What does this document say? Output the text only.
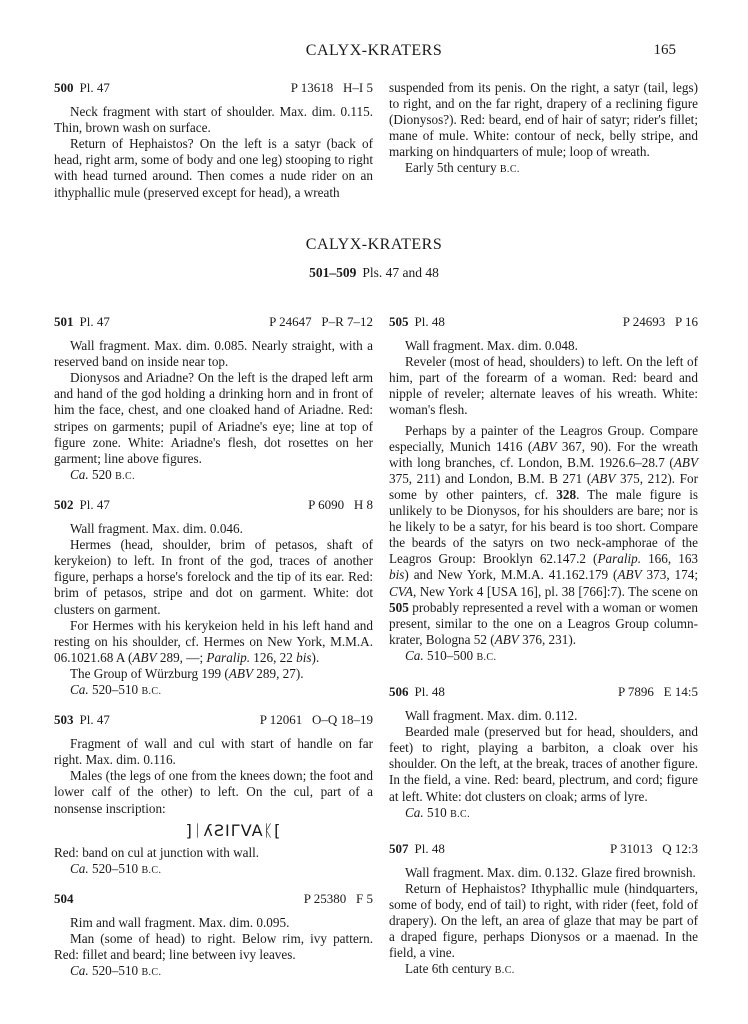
CALYX-KRATERS	165
500 Pl. 47	P 13618   H–I 5

Neck fragment with start of shoulder. Max. dim. 0.115. Thin, brown wash on surface.

Return of Hephaistos? On the left is a satyr (back of head, right arm, some of body and one leg) stooping to right with head turned around. Then comes a nude rider on an ithyphallic mule (preserved except for head), a wreath

suspended from its penis. On the right, a satyr (tail, legs) to right, and on the far right, drapery of a reclining figure (Dionysos?). Red: beard, end of hair of satyr; rider's fillet; mane of mule. White: contour of neck, belly stripe, and marking on hindquarters of mule; loop of wreath.

Early 5th century B.C.

CALYX-KRATERS
501–509 Pls. 47 and 48
501 Pl. 47	P 24647   P–R 7–12

Wall fragment. Max. dim. 0.085. Nearly straight, with a reserved band on inside near top.

Dionysos and Ariadne? On the left is the draped left arm and hand of the god holding a drinking horn and in front of him the face, chest, and one cloaked hand of Ariadne. Red: stripes on garments; pupil of Ariadne's eye; line at top of figure zone. White: Ariadne's flesh, dot rosettes on her garment; line above figures.

Ca. 520 B.C.

502 Pl. 47	P 6090   H 8

Wall fragment. Max. dim. 0.046.

Hermes (head, shoulder, brim of petasos, shaft of kerykeion) to left. In front of the god, traces of another figure, perhaps a horse's forelock and the tip of its ear. Red: brim of petasos, stripe and dot on garment. White: dot clusters on garment.

For Hermes with his kerykeion held in his left hand and resting on his shoulder, cf. Hermes on New York, M.M.A. 06.1021.68 A (ABV 289, —; Paralip. 126, 22 bis).

The Group of Würzburg 199 (ABV 289, 27).

Ca. 520–510 B.C.

503 Pl. 47	P 12061   O–Q 18–19

Fragment of wall and cul with start of handle on far right. Max. dim. 0.116.

Males (the legs of one from the knees down; the foot and lower calf of the other) to left. On the cul, part of a nonsense inscription:

]ᛁʎƧIΓVAᛕ[

Red: band on cul at junction with wall.

Ca. 520–510 B.C.

504	P 25380   F 5

Rim and wall fragment. Max. dim. 0.095.

Man (some of head) to right. Below rim, ivy pattern. Red: fillet and beard; line between ivy leaves.

Ca. 520–510 B.C.

505 Pl. 48	P 24693   P 16

Wall fragment. Max. dim. 0.048.

Reveler (most of head, shoulders) to left. On the left of him, part of the forearm of a woman. Red: beard and nipple of reveler; alternate leaves of his wreath. White: woman's flesh.

Perhaps by a painter of the Leagros Group. Compare especially, Munich 1416 (ABV 367, 90). For the wreath with long branches, cf. London, B.M. 1926.6–28.7 (ABV 375, 211) and London, B.M. B 271 (ABV 375, 212). For some by other painters, cf. 328. The male figure is unlikely to be Dionysos, for his shoulders are bare; nor is he likely to be a satyr, for his beard is too short. Compare the beards of the satyrs on two neck-amphorae of the Leagros Group: Brooklyn 62.147.2 (Paralip. 166, 163 bis) and New York, M.M.A. 41.162.179 (ABV 373, 174; CVA, New York 4 [USA 16], pl. 38 [766]:7). The scene on 505 probably represented a revel with a woman or women present, similar to the one on a Leagros Group column-krater, Bologna 52 (ABV 376, 231).

Ca. 510–500 B.C.

506 Pl. 48	P 7896   E 14:5

Wall fragment. Max. dim. 0.112.

Bearded male (preserved but for head, shoulders, and feet) to right, playing a barbiton, a cloak over his shoulder. On the left, at the break, traces of another figure. In the field, a vine. Red: beard, plectrum, and cord; figure at left. White: dot clusters on cloak; arms of lyre.

Ca. 510 B.C.

507 Pl. 48	P 31013   Q 12:3

Wall fragment. Max. dim. 0.132. Glaze fired brownish.

Return of Hephaistos? Ithyphallic mule (hindquarters, some of body, end of tail) to right, with rider (feet, fold of drapery). On the left, an area of glaze that may be part of a draped figure, perhaps Dionysos or a maenad. In the field, a vine.

Late 6th century B.C.
